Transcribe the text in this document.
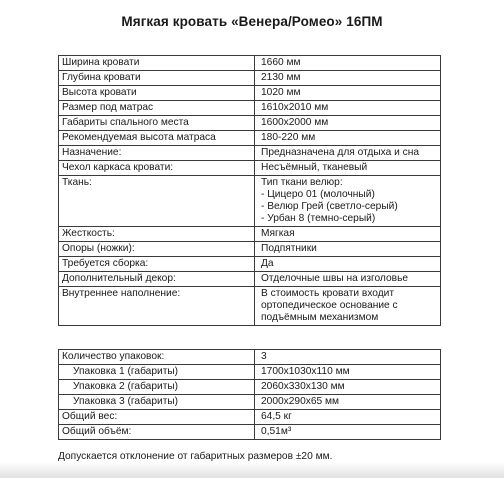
Мягкая кровать «Венера/Ромео» 16ПМ
Ширина кровати	1660 мм

Глубина кровати	2130 мм

Высота кровати	1020 мм

Размер под матрас	1610х2010 мм

Габариты спального места	1600х2000 мм

Рекомендуемая высота матраса	180-220 мм

Назначение:	Предназначена для отдыха и сна

Чехол каркаса кровати:	Несъёмный, тканевый

Ткань:	Тип ткани велюр:
- Цицеро 01 (молочный)
- Велюр Грей (светло-серый)
- Урбан 8 (темно-серый)

Жесткость:	Мягкая

Опоры (ножки):	Подпятники

Требуется сборка:	Да

Дополнительный декор:	Отделочные швы на изголовье

Внутреннее наполнение:	В стоимость кровати входит
ортопедическое основание с
подъёмным механизмом
Количество упаковок:	3
Упаковка 1 (габариты)	1700х1030х110 мм
Упаковка 2 (габариты)	2060х330х130 мм
Упаковка 3 (габариты)	2000х290х65 мм
Общий вес:	64,5 кг
Общий объём:	0,51м³
Допускается отклонение от габаритных размеров ±20 мм.
